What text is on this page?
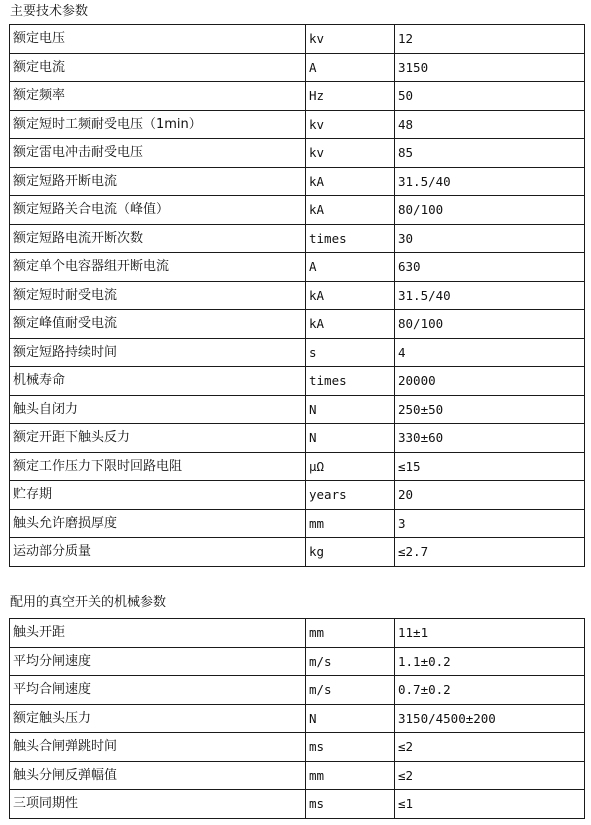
主要技术参数
额定电压	kv	12
额定电流	A	3150
额定频率	Hz	50
额定短时工频耐受电压（1min）	kv	48
额定雷电冲击耐受电压	kv	85
额定短路开断电流	kA	31.5/40
额定短路关合电流（峰值）	kA	80/100
额定短路电流开断次数	times	30
额定单个电容器组开断电流	A	630
额定短时耐受电流	kA	31.5/40
额定峰值耐受电流	kA	80/100
额定短路持续时间	s	4
机械寿命	times	20000
触头自闭力	N	250±50
额定开距下触头反力	N	330±60
额定工作压力下限时回路电阻	μΩ	≤15
贮存期	years	20
触头允许磨损厚度	mm	3
运动部分质量	kg	≤2.7
配用的真空开关的机械参数
触头开距	mm	11±1
平均分闸速度	m/s	1.1±0.2
平均合闸速度	m/s	0.7±0.2
额定触头压力	N	3150/4500±200
触头合闸弹跳时间	ms	≤2
触头分闸反弹幅值	mm	≤2
三项同期性	ms	≤1
